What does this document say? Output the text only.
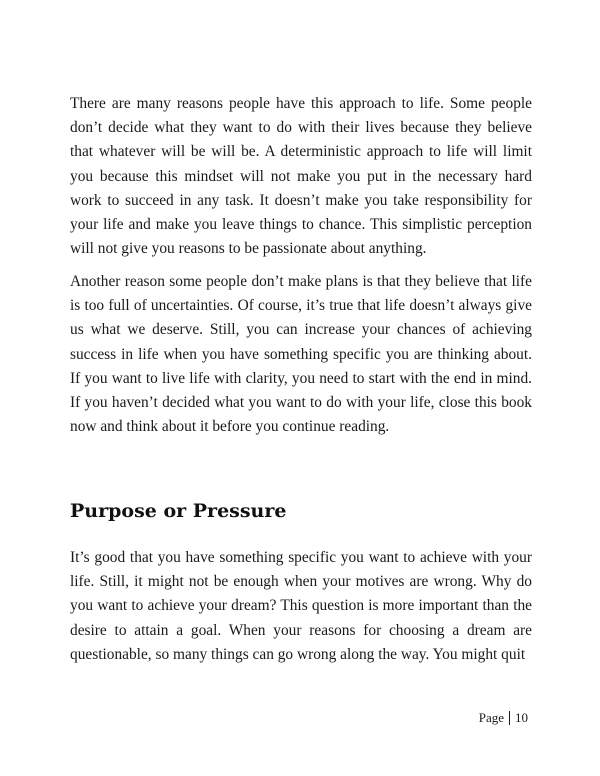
There are many reasons people have this approach to life. Some people don’t decide what they want to do with their lives because they believe that whatever will be will be. A deterministic approach to life will limit you because this mindset will not make you put in the necessary hard work to succeed in any task. It doesn’t make you take responsibility for your life and make you leave things to chance. This simplistic perception will not give you reasons to be passionate about anything.

Another reason some people don’t make plans is that they believe that life is too full of uncertainties. Of course, it’s true that life doesn’t always give us what we deserve. Still, you can increase your chances of achieving success in life when you have something specific you are thinking about. If you want to live life with clarity, you need to start with the end in mind. If you haven’t decided what you want to do with your life, close this book now and think about it before you continue reading.

Purpose or Pressure

It’s good that you have something specific you want to achieve with your life. Still, it might not be enough when your motives are wrong. Why do you want to achieve your dream? This question is more important than the desire to attain a goal. When your reasons for choosing a dream are questionable, so many things can go wrong along the way. You might quit

Page 10
